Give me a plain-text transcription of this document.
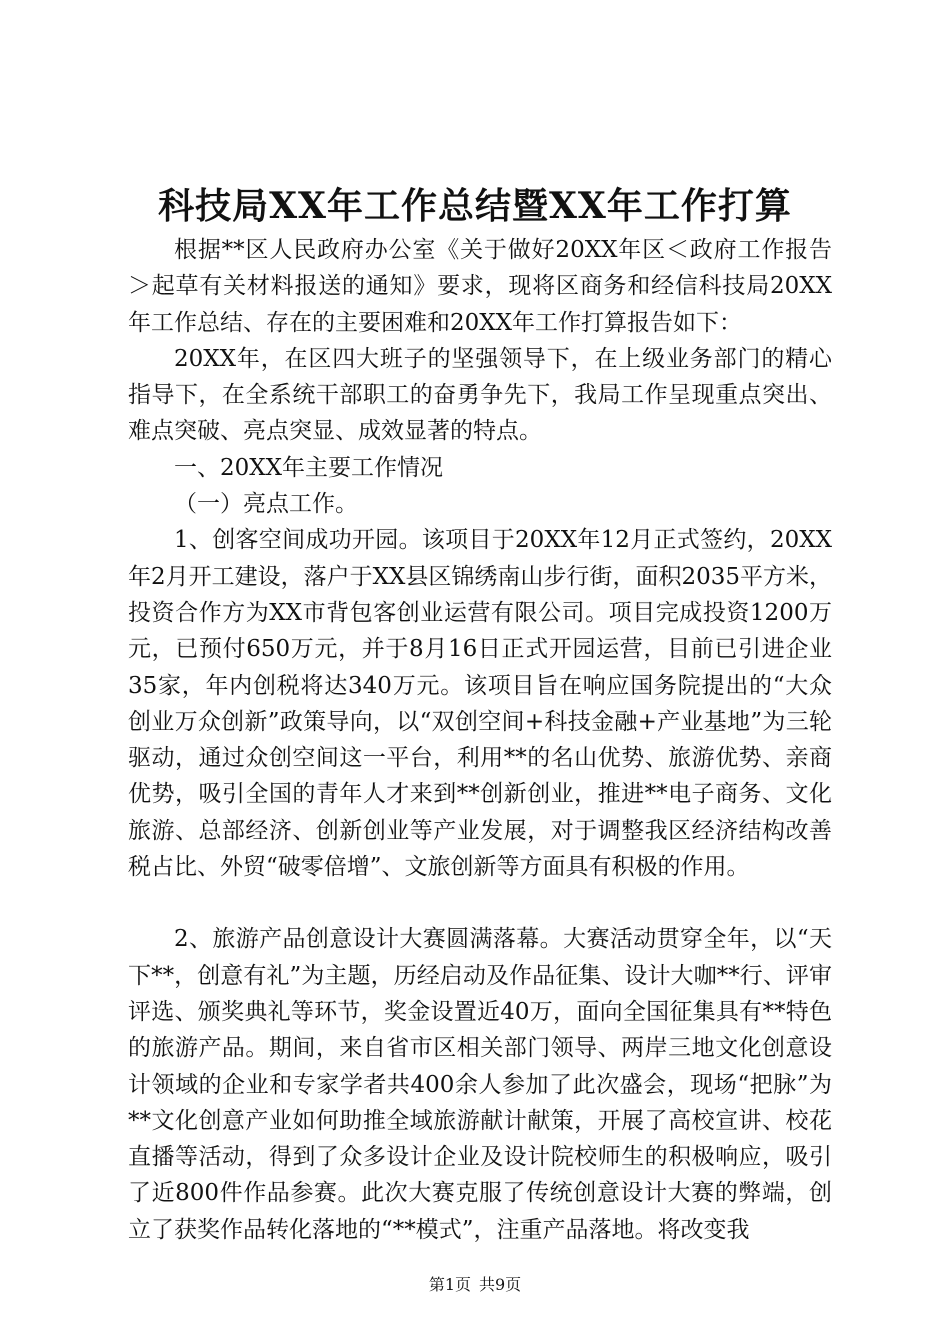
科技局XX年工作总结暨XX年工作打算

根据**区人民政府办公室《关于做好20XX年区＜政府工作报告＞起草有关材料报送的通知》要求，现将区商务和经信科技局20XX年工作总结、存在的主要困难和20XX年工作打算报告如下：

20XX年，在区四大班子的坚强领导下，在上级业务部门的精心指导下，在全系统干部职工的奋勇争先下，我局工作呈现重点突出、难点突破、亮点突显、成效显著的特点。

一、20XX年主要工作情况

（一）亮点工作。

1、创客空间成功开园。该项目于20XX年12月正式签约，20XX年2月开工建设，落户于XX县区锦绣南山步行街，面积2035平方米，投资合作方为XX市背包客创业运营有限公司。项目完成投资1200万元，已预付650万元，并于8月16日正式开园运营，目前已引进企业35家，年内创税将达340万元。该项目旨在响应国务院提出的“大众创业万众创新”政策导向，以“双创空间+科技金融+产业基地”为三轮驱动，通过众创空间这一平台，利用**的名山优势、旅游优势、亲商优势，吸引全国的青年人才来到**创新创业，推进**电子商务、文化旅游、总部经济、创新创业等产业发展，对于调整我区经济结构改善税占比、外贸“破零倍增”、文旅创新等方面具有积极的作用。

2、旅游产品创意设计大赛圆满落幕。大赛活动贯穿全年，以“天下**，创意有礼”为主题，历经启动及作品征集、设计大咖**行、评审评选、颁奖典礼等环节，奖金设置近40万，面向全国征集具有**特色的旅游产品。期间，来自省市区相关部门领导、两岸三地文化创意设计领域的企业和专家学者共400余人参加了此次盛会，现场“把脉”为**文化创意产业如何助推全域旅游献计献策，开展了高校宣讲、校花直播等活动，得到了众多设计企业及设计院校师生的积极响应，吸引了近800件作品参赛。此次大赛克服了传统创意设计大赛的弊端，创立了获奖作品转化落地的“**模式”，注重产品落地。将改变我

第1页 共9页
